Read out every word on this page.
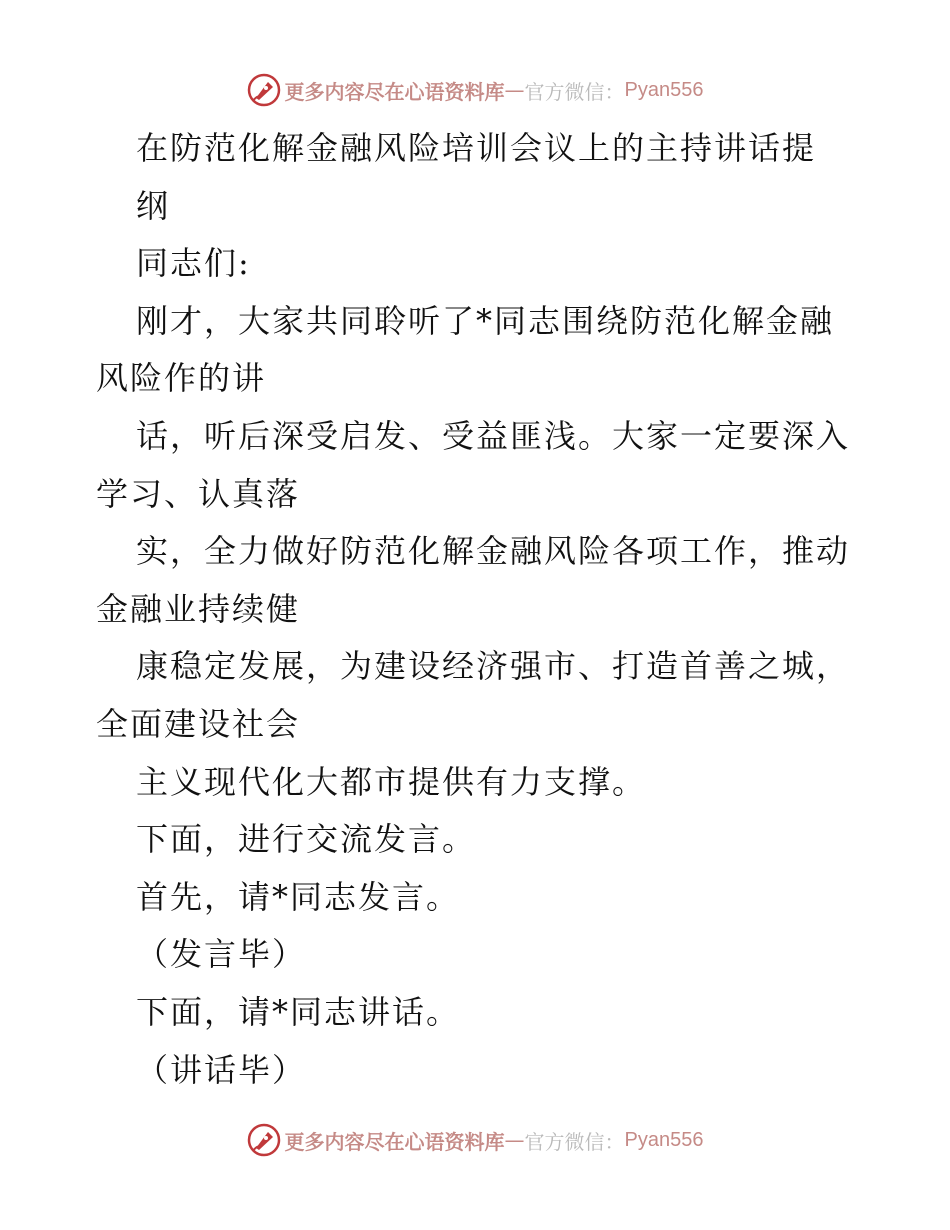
更多内容尽在心语资料库 — 官方微信： Pyan556
在防范化解金融风险培训会议上的主持讲话提
纲
同志们:
刚才，大家共同聆听了*同志围绕防范化解金融
风险作的讲
话，听后深受启发、受益匪浅。大家一定要深入
学习、认真落
实，全力做好防范化解金融风险各项工作，推动
金融业持续健
康稳定发展，为建设经济强市、打造首善之城，
全面建设社会
主义现代化大都市提供有力支撑。
下面，进行交流发言。
首先，请*同志发言。
（发言毕）
下面，请*同志讲话。
（讲话毕）
更多内容尽在心语资料库 — 官方微信： Pyan556
